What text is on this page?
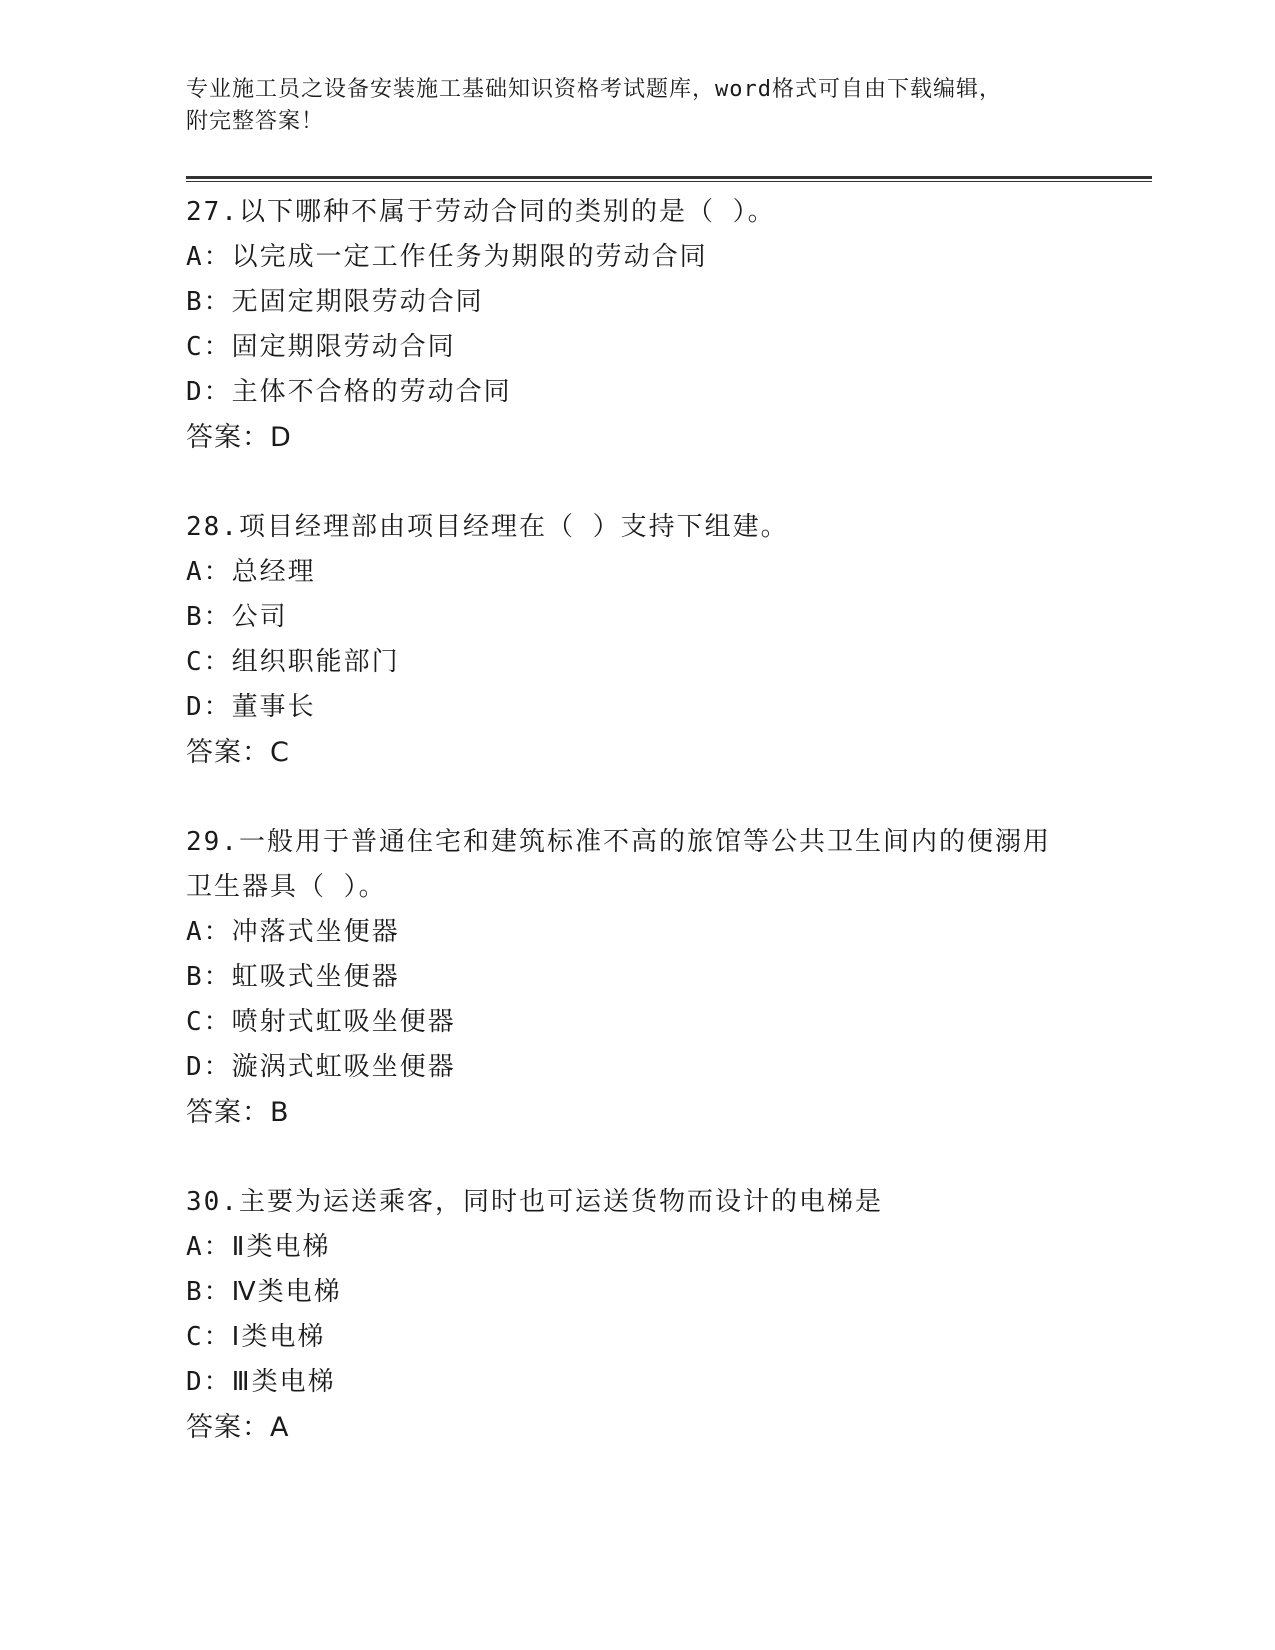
专业施工员之设备安装施工基础知识资格考试题库，word格式可自由下载编辑，

附完整答案！

27.以下哪种不属于劳动合同的类别的是（ ）。

A：以完成一定工作任务为期限的劳动合同

B：无固定期限劳动合同

C：固定期限劳动合同

D：主体不合格的劳动合同

答案：D

28.项目经理部由项目经理在（ ）支持下组建。

A：总经理

B：公司

C：组织职能部门

D：董事长

答案：C

29.一般用于普通住宅和建筑标准不高的旅馆等公共卫生间内的便溺用卫生器具（ ）。

A：冲落式坐便器

B：虹吸式坐便器

C：喷射式虹吸坐便器

D：漩涡式虹吸坐便器

答案：B

30.主要为运送乘客，同时也可运送货物而设计的电梯是

A：Ⅱ类电梯

B：Ⅳ类电梯

C：Ⅰ类电梯

D：Ⅲ类电梯

答案：A
